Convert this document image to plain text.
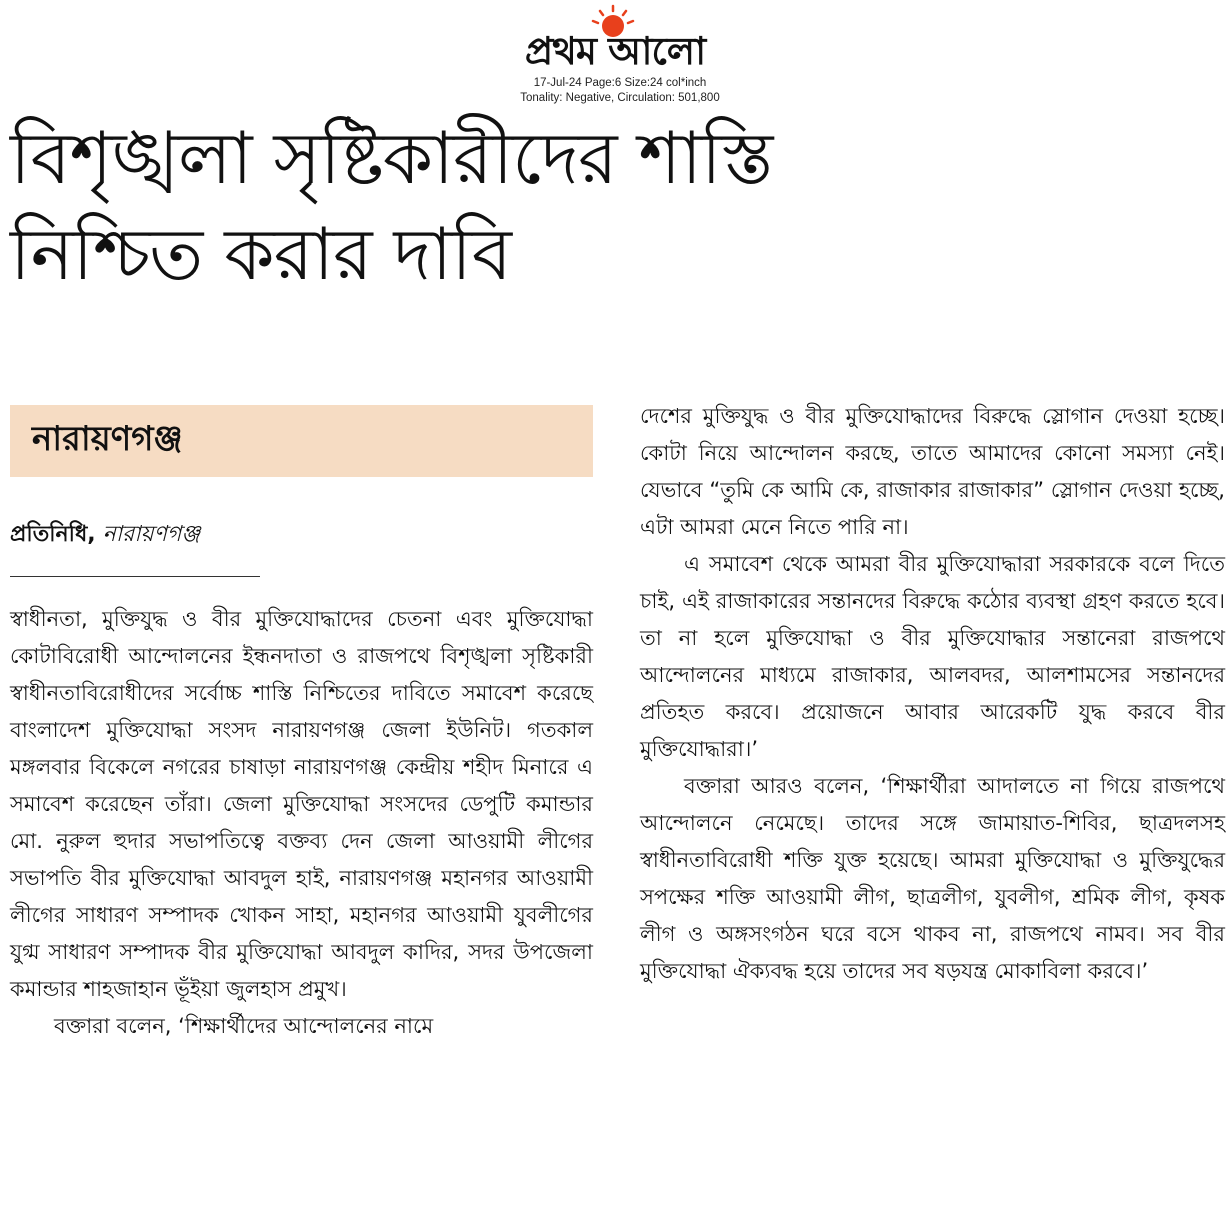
প্রথম আলো
17-Jul-24 Page:6 Size:24 col*inch
Tonality: Negative, Circulation: 501,800
বিশৃঙ্খলা সৃষ্টিকারীদের শাস্তি
নিশ্চিত করার দাবি
নারায়ণগঞ্জ
প্রতিনিধি, নারায়ণগঞ্জ

স্বাধীনতা, মুক্তিযুদ্ধ ও বীর মুক্তিযোদ্ধাদের চেতনা এবং মুক্তিযোদ্ধা কোটাবিরোধী আন্দোলনের ইন্ধনদাতা ও রাজপথে বিশৃঙ্খলা সৃষ্টিকারী স্বাধীনতাবিরোধীদের সর্বোচ্চ শাস্তি নিশ্চিতের দাবিতে সমাবেশ করেছে বাংলাদেশ মুক্তিযোদ্ধা সংসদ নারায়ণগঞ্জ জেলা ইউনিট। গতকাল মঙ্গলবার বিকেলে নগরের চাষাড়া নারায়ণগঞ্জ কেন্দ্রীয় শহীদ মিনারে এ সমাবেশ করেছেন তাঁরা। জেলা মুক্তিযোদ্ধা সংসদের ডেপুটি কমান্ডার মো. নুরুল হুদার সভাপতিত্বে বক্তব্য দেন জেলা আওয়ামী লীগের সভাপতি বীর মুক্তিযোদ্ধা আবদুল হাই, নারায়ণগঞ্জ মহানগর আওয়ামী লীগের সাধারণ সম্পাদক খোকন সাহা, মহানগর আওয়ামী যুবলীগের যুগ্ম সাধারণ সম্পাদক বীর মুক্তিযোদ্ধা আবদুল কাদির, সদর উপজেলা কমান্ডার শাহজাহান ভূঁইয়া জুলহাস প্রমুখ।

বক্তারা বলেন, ‘শিক্ষার্থীদের আন্দোলনের নামে

দেশের মুক্তিযুদ্ধ ও বীর মুক্তিযোদ্ধাদের বিরুদ্ধে স্লোগান দেওয়া হচ্ছে। কোটা নিয়ে আন্দোলন করছে, তাতে আমাদের কোনো সমস্যা নেই। যেভাবে “তুমি কে আমি কে, রাজাকার রাজাকার” স্লোগান দেওয়া হচ্ছে, এটা আমরা মেনে নিতে পারি না।

এ সমাবেশ থেকে আমরা বীর মুক্তিযোদ্ধারা সরকারকে বলে দিতে চাই, এই রাজাকারের সন্তানদের বিরুদ্ধে কঠোর ব্যবস্থা গ্রহণ করতে হবে। তা না হলে মুক্তিযোদ্ধা ও বীর মুক্তিযোদ্ধার সন্তানেরা রাজপথে আন্দোলনের মাধ্যমে রাজাকার, আলবদর, আলশামসের সন্তানদের প্রতিহত করবে। প্রয়োজনে আবার আরেকটি যুদ্ধ করবে বীর মুক্তিযোদ্ধারা।’

বক্তারা আরও বলেন, ‘শিক্ষার্থীরা আদালতে না গিয়ে রাজপথে আন্দোলনে নেমেছে। তাদের সঙ্গে জামায়াত-শিবির, ছাত্রদলসহ স্বাধীনতাবিরোধী শক্তি যুক্ত হয়েছে। আমরা মুক্তিযোদ্ধা ও মুক্তিযুদ্ধের সপক্ষের শক্তি আওয়ামী লীগ, ছাত্রলীগ, যুবলীগ, শ্রমিক লীগ, কৃষক লীগ ও অঙ্গসংগঠন ঘরে বসে থাকব না, রাজপথে নামব। সব বীর মুক্তিযোদ্ধা ঐক্যবদ্ধ হয়ে তাদের সব ষড়যন্ত্র মোকাবিলা করবে।’
